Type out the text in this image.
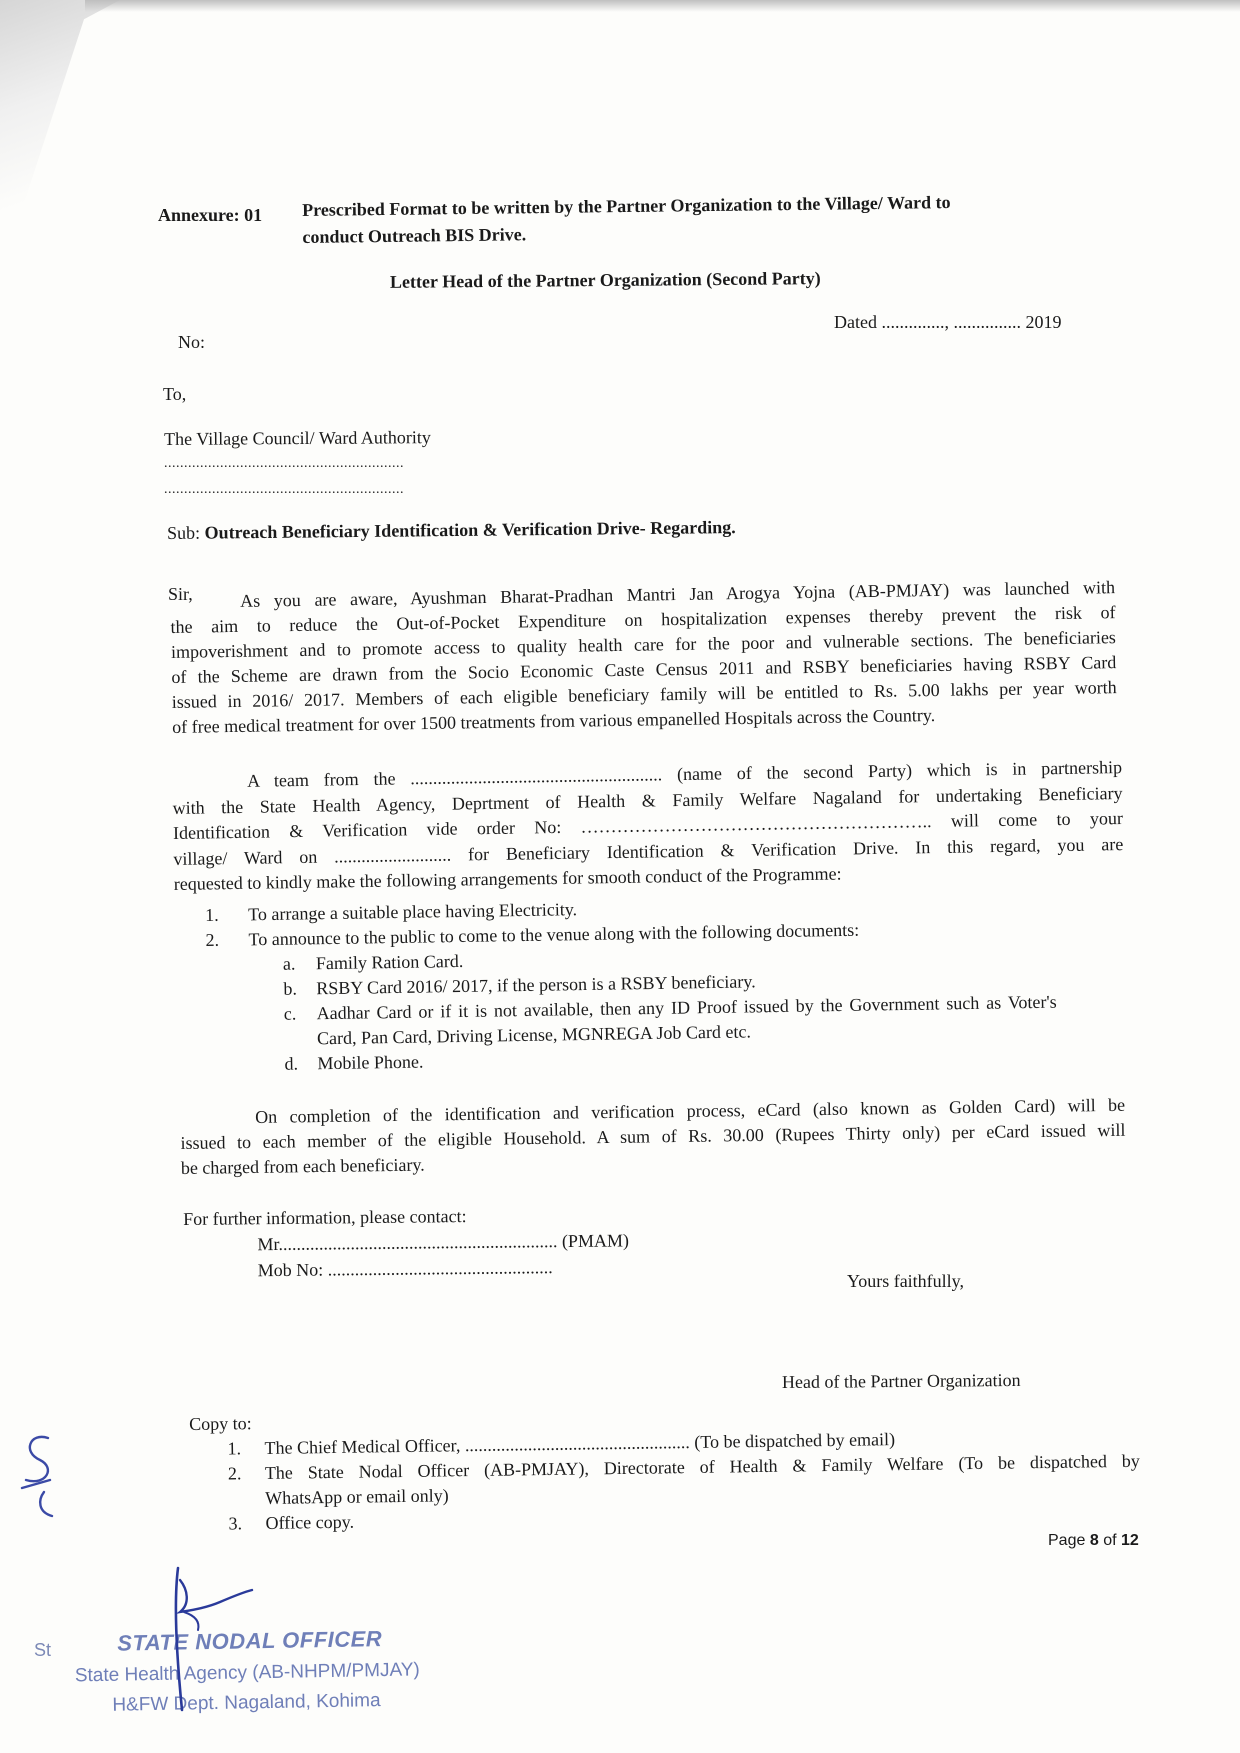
Annexure: 01 Prescribed Format to be written by the Partner Organization to the Village/ Ward to
conduct Outreach BIS Drive.
Letter Head of the Partner Organization (Second Party)
Dated .............., ............... 2019
No:
To,
The Village Council/ Ward Authority
............................................................
............................................................
Sub: Outreach Beneficiary Identification & Verification Drive- Regarding.
Sir,	As you are aware, Ayushman Bharat-Pradhan Mantri Jan Arogya Yojna (AB-PMJAY) was launched with

the aim to reduce the Out-of-Pocket Expenditure on hospitalization expenses thereby prevent the risk of

impoverishment and to promote access to quality health care for the poor and vulnerable sections. The beneficiaries

of the Scheme are drawn from the Socio Economic Caste Census 2011 and RSBY beneficiaries having RSBY Card

issued in 2016/ 2017. Members of each eligible beneficiary family will be entitled to Rs. 5.00 lakhs per year worth

of free medical treatment for over 1500 treatments from various empanelled Hospitals across the Country.

A team from the ........................................................ (name of the second Party) which is in partnership

with the State Health Agency, Deprtment of Health & Family Welfare Nagaland for undertaking Beneficiary

Identification & Verification vide order No: ………………………………………………….. will come to your

village/ Ward on .......................... for Beneficiary Identification & Verification Drive. In this regard, you are

requested to kindly make the following arrangements for smooth conduct of the Programme:

1.	To arrange a suitable place having Electricity.
2.	To announce to the public to come to the venue along with the following documents:
a.	Family Ration Card.
b.	RSBY Card 2016/ 2017, if the person is a RSBY beneficiary.
c.	Aadhar Card or if it is not available, then any ID Proof issued by the Government such as Voter's
Card, Pan Card, Driving License, MGNREGA Job Card etc.
d.	Mobile Phone.

On completion of the identification and verification process, eCard (also known as Golden Card) will be

issued to each member of the eligible Household. A sum of Rs. 30.00 (Rupees Thirty only) per eCard issued will

be charged from each beneficiary.

For further information, please contact:
Mr.............................................................. (PMAM)
Mob No: ..................................................
Yours faithfully,
Head of the Partner Organization
Copy to:
1.	The Chief Medical Officer, .................................................. (To be dispatched by email)
2.	The State Nodal Officer (AB-PMJAY), Directorate of Health & Family Welfare (To be dispatched by
WhatsApp or email only)
3.	Office copy.
Page 8 of 12
St	STATE NODAL OFFICER
State Health Agency (AB-NHPM/PMJAY)
H&FW Dept. Nagaland, Kohima
